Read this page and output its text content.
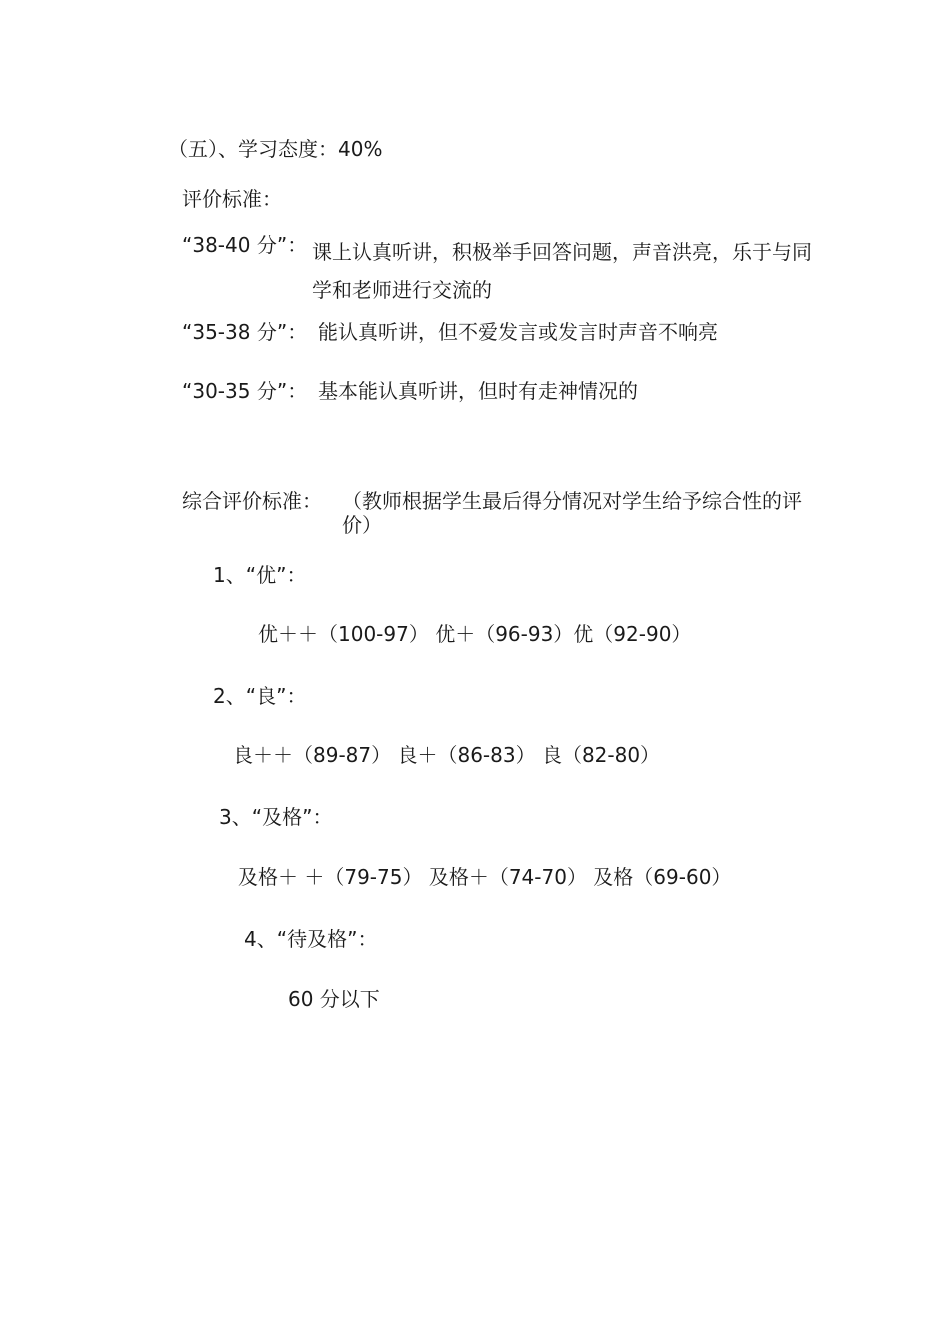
（五）、学习态度：40%
评价标准：
“38-40 分”： 课上认真听讲，积极举手回答问题，声音洪亮，乐于与同学和老师进行交流的
“35-38 分”： 能认真听讲，但不爱发言或发言时声音不响亮
“30-35 分”： 基本能认真听讲，但时有走神情况的
综合评价标准： （教师根据学生最后得分情况对学生给予综合性的评价）
1、“优”：
优＋＋（100-97） 优＋（96-93）优（92-90）
2、“良”：
良＋＋（89-87） 良＋（86-83） 良（82-80）
3、“及格”：
及格＋ ＋（79-75） 及格＋（74-70） 及格（69-60）
4、“待及格”：
60 分以下
